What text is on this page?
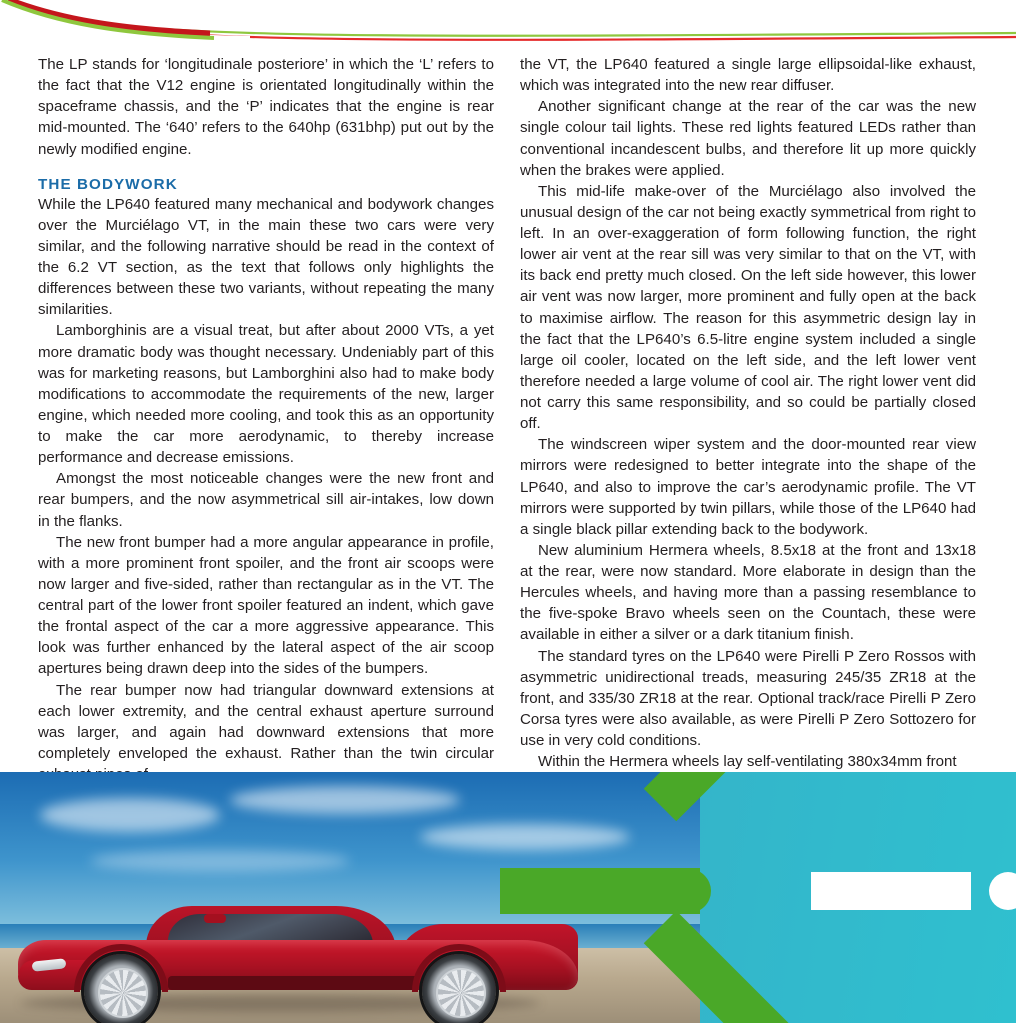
The LP stands for ‘longitudinale posteriore’ in which the ‘L’ refers to the fact that the V12 engine is orientated longitudinally within the spaceframe chassis, and the ‘P’ indicates that the engine is rear mid-mounted. The ‘640’ refers to the 640hp (631bhp) put out by the newly modified engine.

THE BODYWORK

While the LP640 featured many mechanical and bodywork changes over the Murciélago VT, in the main these two cars were very similar, and the following narrative should be read in the context of the 6.2 VT section, as the text that follows only highlights the differences between these two variants, without repeating the many similarities.

Lamborghinis are a visual treat, but after about 2000 VTs, a yet more dramatic body was thought necessary. Undeniably part of this was for marketing reasons, but Lamborghini also had to make body modifications to accommodate the requirements of the new, larger engine, which needed more cooling, and took this as an opportunity to make the car more aerodynamic, to thereby increase performance and decrease emissions.

Amongst the most noticeable changes were the new front and rear bumpers, and the now asymmetrical sill air-intakes, low down in the flanks.

The new front bumper had a more angular appearance in profile, with a more prominent front spoiler, and the front air scoops were now larger and five-sided, rather than rectangular as in the VT. The central part of the lower front spoiler featured an indent, which gave the frontal aspect of the car a more aggressive appearance. This look was further enhanced by the lateral aspect of the air scoop apertures being drawn deep into the sides of the bumpers.

The rear bumper now had triangular downward extensions at each lower extremity, and the central exhaust aperture surround was larger, and again had downward extensions that more completely enveloped the exhaust. Rather than the twin circular

the VT, the LP640 featured a single large ellipsoidal-like exhaust, which was integrated into the new rear diffuser.

Another significant change at the rear of the car was the new single colour tail lights. These red lights featured LEDs rather than conventional incandescent bulbs, and therefore lit up more quickly when the brakes were applied.

This mid-life make-over of the Murciélago also involved the unusual design of the car not being exactly symmetrical from right to left. In an over-exaggeration of form following function, the right lower air vent at the rear sill was very similar to that on the VT, with its back end pretty much closed. On the left side however, this lower air vent was now larger, more prominent and fully open at the back to maximise airflow. The reason for this asymmetric design lay in the fact that the LP640’s 6.5-litre engine system included a single large oil cooler, located on the left side, and the left lower vent therefore needed a large volume of cool air. The right lower vent did not carry this same responsibility, and so could be partially closed off.

The windscreen wiper system and the door-mounted rear view mirrors were redesigned to better integrate into the shape of the LP640, and also to improve the car’s aerodynamic profile. The VT mirrors were supported by twin pillars, while those of the LP640 had a single black pillar extending back to the bodywork.

New aluminium Hermera wheels, 8.5x18 at the front and 13x18 at the rear, were now standard. More elaborate in design than the Hercules wheels, and having more than a passing resemblance to the five-spoke Bravo wheels seen on the Countach, these were available in either a silver or a dark titanium finish.

The standard tyres on the LP640 were Pirelli P Zero Rossos with asymmetric unidirectional treads, measuring 245/35 ZR18 at the front, and 335/30 ZR18 at the rear. Optional track/race Pirelli P Zero Corsa tyres were also available, as were Pirelli P Zero Sottozero for use in very cold conditions.

Within the Hermera wheels lay self-ventilating 380x34mm front
